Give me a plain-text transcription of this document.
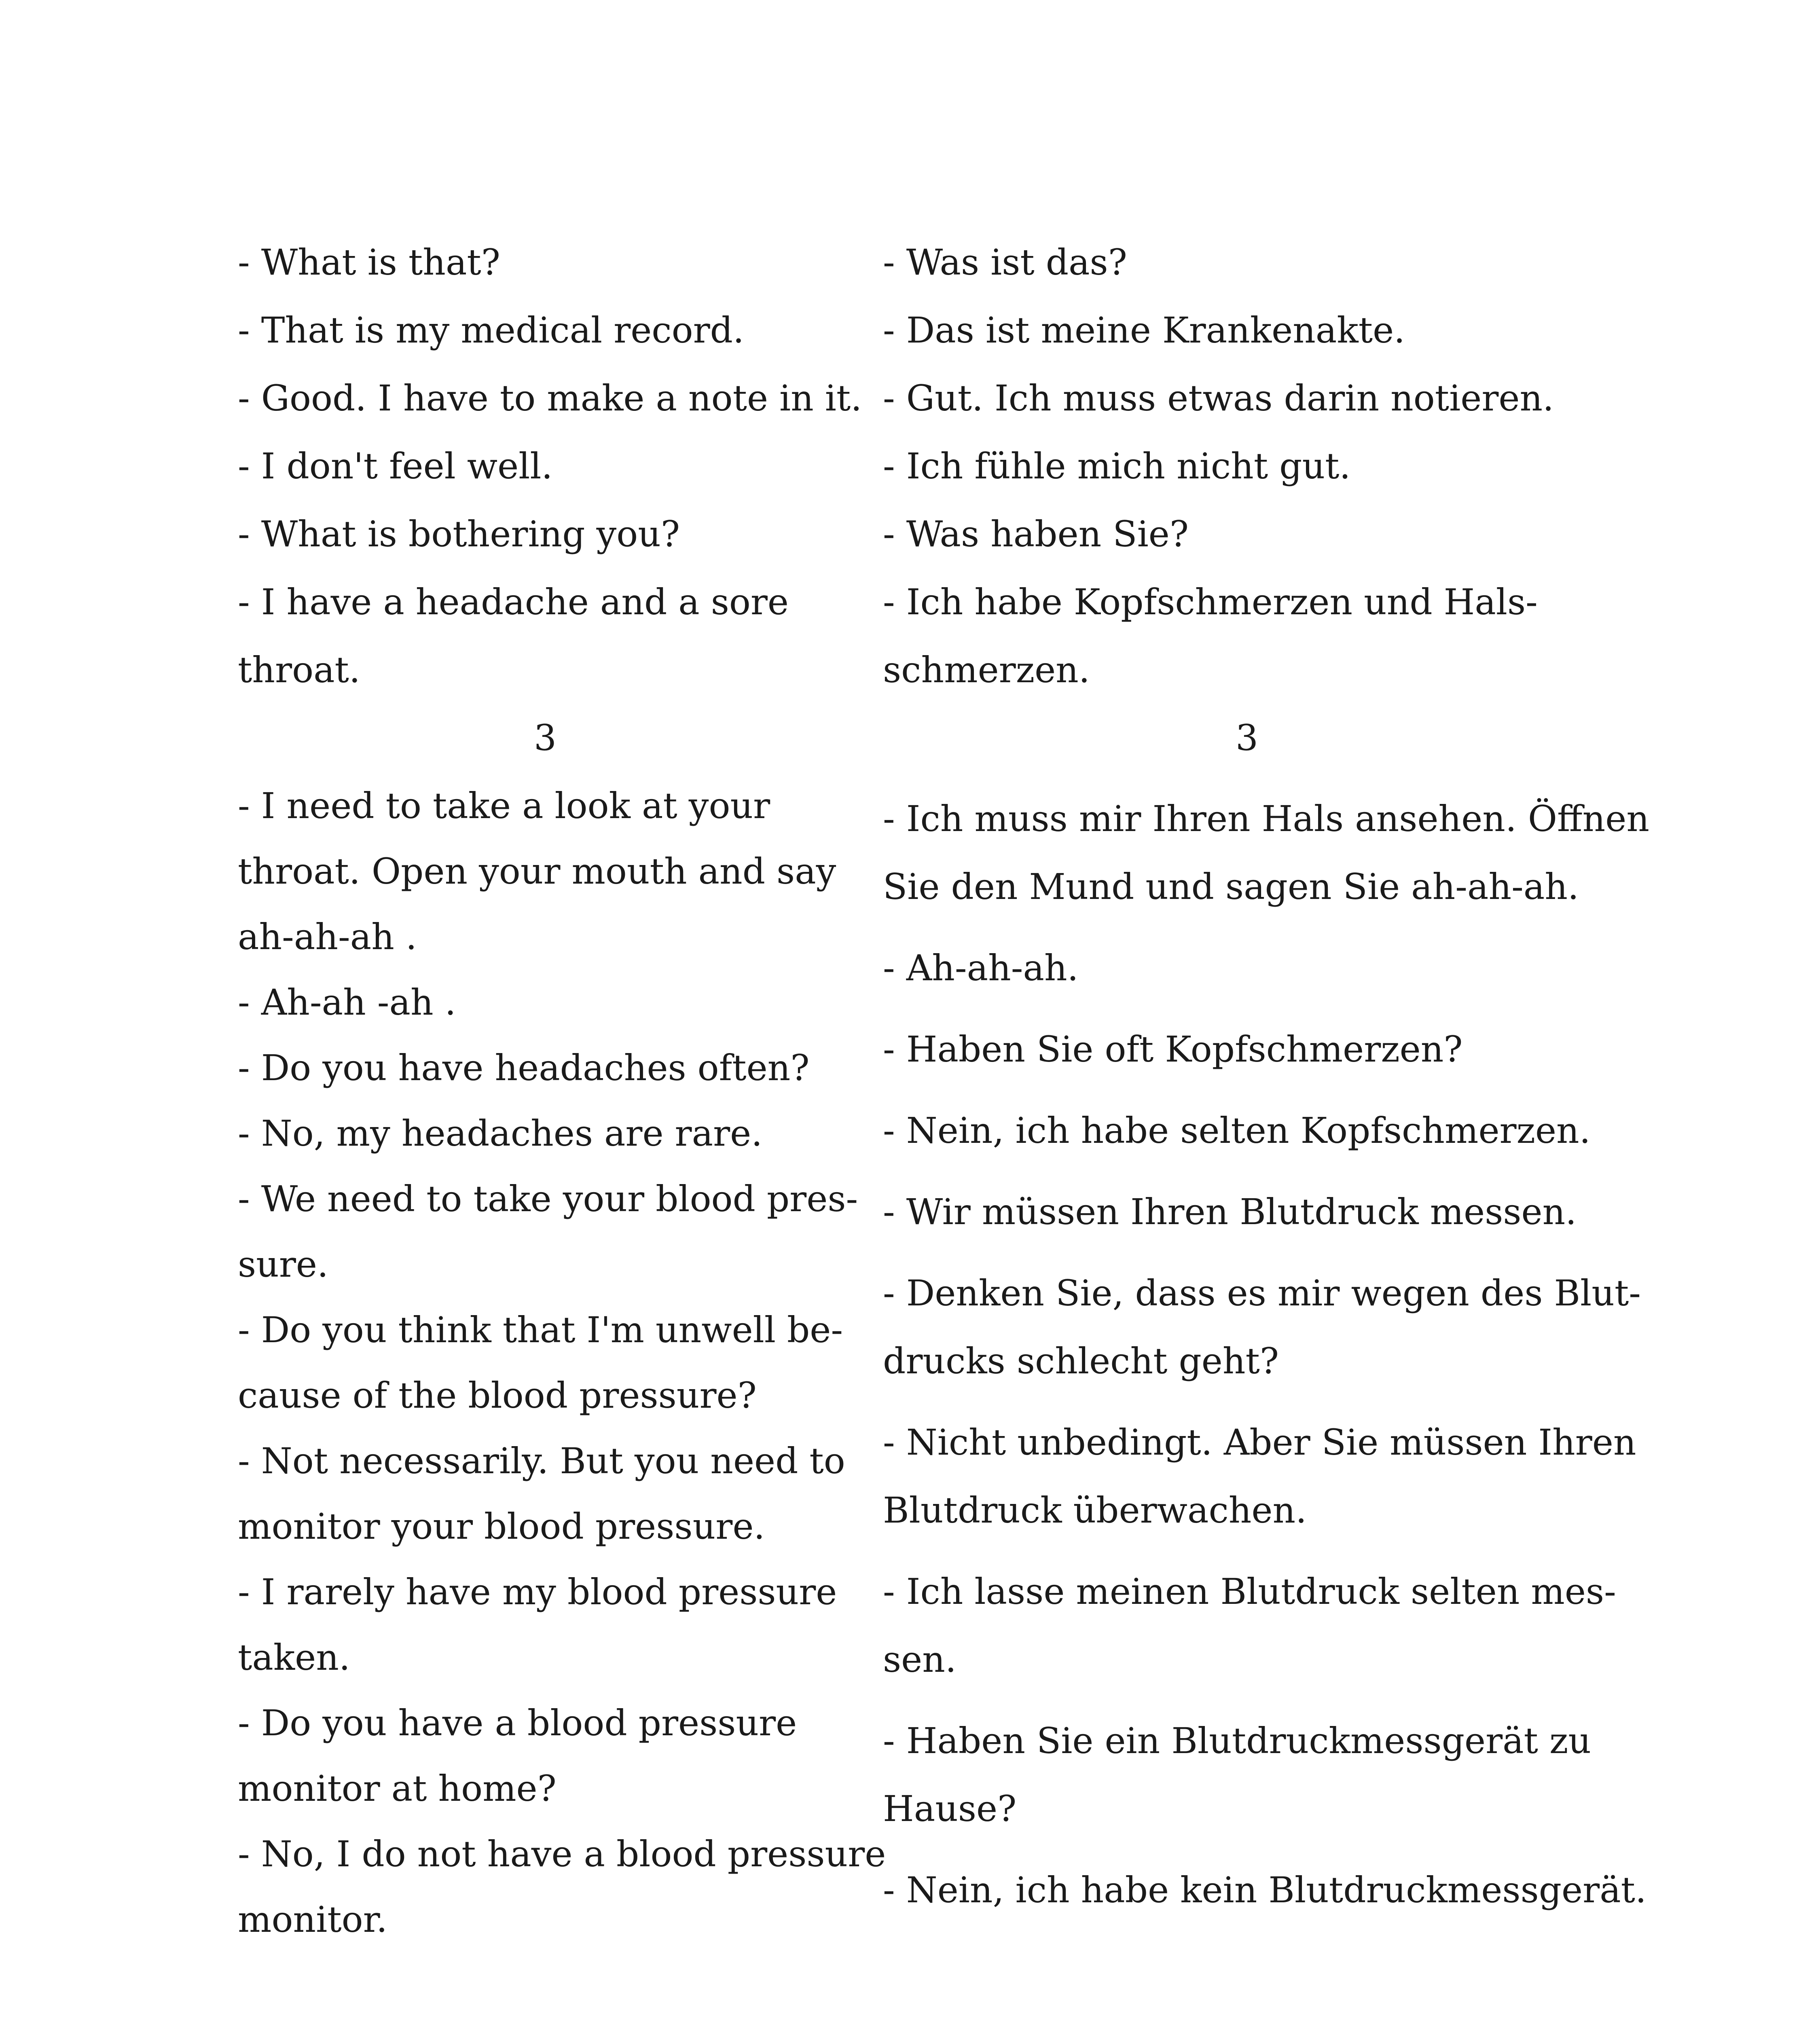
- What is that?
- That is my medical record.
- Good. I have to make a note in it.
- I don't feel well.
- What is bothering you?
- I have a headache and a sore
throat.
3
- I need to take a look at your
throat. Open your mouth and say
ah-ah-ah .
- Ah-ah -ah .
- Do you have headaches often?
- No, my headaches are rare.
- We need to take your blood pres-
sure.
- Do you think that I'm unwell be-
cause of the blood pressure?
- Not necessarily. But you need to
monitor your blood pressure.
- I rarely have my blood pressure
taken.
- Do you have a blood pressure
monitor at home?
- No, I do not have a blood pressure
monitor.
- Was ist das?
- Das ist meine Krankenakte.
- Gut. Ich muss etwas darin notieren.
- Ich fühle mich nicht gut.
- Was haben Sie?
- Ich habe Kopfschmerzen und Hals-
schmerzen.
3
- Ich muss mir Ihren Hals ansehen. Öffnen
Sie den Mund und sagen Sie ah-ah-ah.
- Ah-ah-ah.
- Haben Sie oft Kopfschmerzen?
- Nein, ich habe selten Kopfschmerzen.
- Wir müssen Ihren Blutdruck messen.
- Denken Sie, dass es mir wegen des Blut-
drucks schlecht geht?
- Nicht unbedingt. Aber Sie müssen Ihren
Blutdruck überwachen.
- Ich lasse meinen Blutdruck selten mes-
sen.
- Haben Sie ein Blutdruckmessgerät zu
Hause?
- Nein, ich habe kein Blutdruckmessgerät.
